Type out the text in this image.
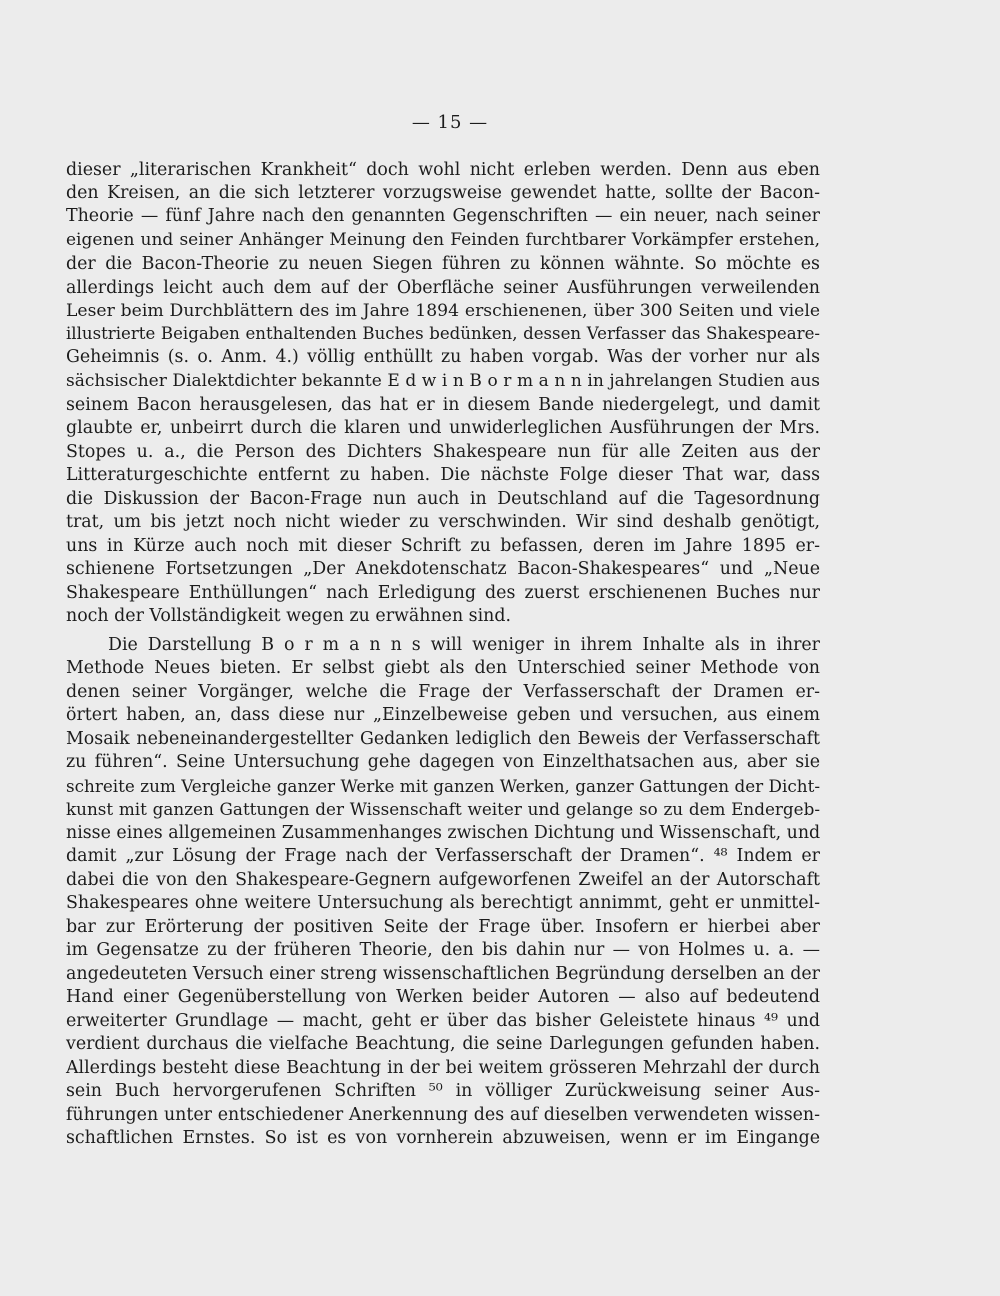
— 15 —
dieser „literarischen Krankheit“ doch wohl nicht erleben werden. Denn aus eben
den Kreisen, an die sich letzterer vorzugsweise gewendet hatte, sollte der Bacon-
Theorie — fünf Jahre nach den genannten Gegenschriften — ein neuer, nach seiner
eigenen und seiner Anhänger Meinung den Feinden furchtbarer Vorkämpfer erstehen,
der die Bacon-Theorie zu neuen Siegen führen zu können wähnte. So möchte es
allerdings leicht auch dem auf der Oberfläche seiner Ausführungen verweilenden
Leser beim Durchblättern des im Jahre 1894 erschienenen, über 300 Seiten und viele
illustrierte Beigaben enthaltenden Buches bedünken, dessen Verfasser das Shakespeare-
Geheimnis (s. o. Anm. 4.) völlig enthüllt zu haben vorgab. Was der vorher nur als
sächsischer Dialektdichter bekannte E d w i n B o r m a n n in jahrelangen Studien aus
seinem Bacon herausgelesen, das hat er in diesem Bande niedergelegt, und damit
glaubte er, unbeirrt durch die klaren und unwiderleglichen Ausführungen der Mrs.
Stopes u. a., die Person des Dichters Shakespeare nun für alle Zeiten aus der
Litteraturgeschichte entfernt zu haben. Die nächste Folge dieser That war, dass
die Diskussion der Bacon-Frage nun auch in Deutschland auf die Tagesordnung
trat, um bis jetzt noch nicht wieder zu verschwinden. Wir sind deshalb genötigt,
uns in Kürze auch noch mit dieser Schrift zu befassen, deren im Jahre 1895 er-
schienene Fortsetzungen „Der Anekdotenschatz Bacon-Shakespeares“ und „Neue
Shakespeare Enthüllungen“ nach Erledigung des zuerst erschienenen Buches nur
noch der Vollständigkeit wegen zu erwähnen sind.
Die Darstellung B o r m a n n s will weniger in ihrem Inhalte als in ihrer
Methode Neues bieten. Er selbst giebt als den Unterschied seiner Methode von
denen seiner Vorgänger, welche die Frage der Verfasserschaft der Dramen er-
örtert haben, an, dass diese nur „Einzelbeweise geben und versuchen, aus einem
Mosaik nebeneinandergestellter Gedanken lediglich den Beweis der Verfasserschaft
zu führen“. Seine Untersuchung gehe dagegen von Einzelthatsachen aus, aber sie
schreite zum Vergleiche ganzer Werke mit ganzen Werken, ganzer Gattungen der Dicht-
kunst mit ganzen Gattungen der Wissenschaft weiter und gelange so zu dem Endergeb-
nisse eines allgemeinen Zusammenhanges zwischen Dichtung und Wissenschaft, und
damit „zur Lösung der Frage nach der Verfasserschaft der Dramen“. ⁴⁸ Indem er
dabei die von den Shakespeare-Gegnern aufgeworfenen Zweifel an der Autorschaft
Shakespeares ohne weitere Untersuchung als berechtigt annimmt, geht er unmittel-
bar zur Erörterung der positiven Seite der Frage über. Insofern er hierbei aber
im Gegensatze zu der früheren Theorie, den bis dahin nur — von Holmes u. a. —
angedeuteten Versuch einer streng wissenschaftlichen Begründung derselben an der
Hand einer Gegenüberstellung von Werken beider Autoren — also auf bedeutend
erweiterter Grundlage — macht, geht er über das bisher Geleistete hinaus ⁴⁹ und
verdient durchaus die vielfache Beachtung, die seine Darlegungen gefunden haben.
Allerdings besteht diese Beachtung in der bei weitem grösseren Mehrzahl der durch
sein Buch hervorgerufenen Schriften ⁵⁰ in völliger Zurückweisung seiner Aus-
führungen unter entschiedener Anerkennung des auf dieselben verwendeten wissen-
schaftlichen Ernstes. So ist es von vornherein abzuweisen, wenn er im Eingange
